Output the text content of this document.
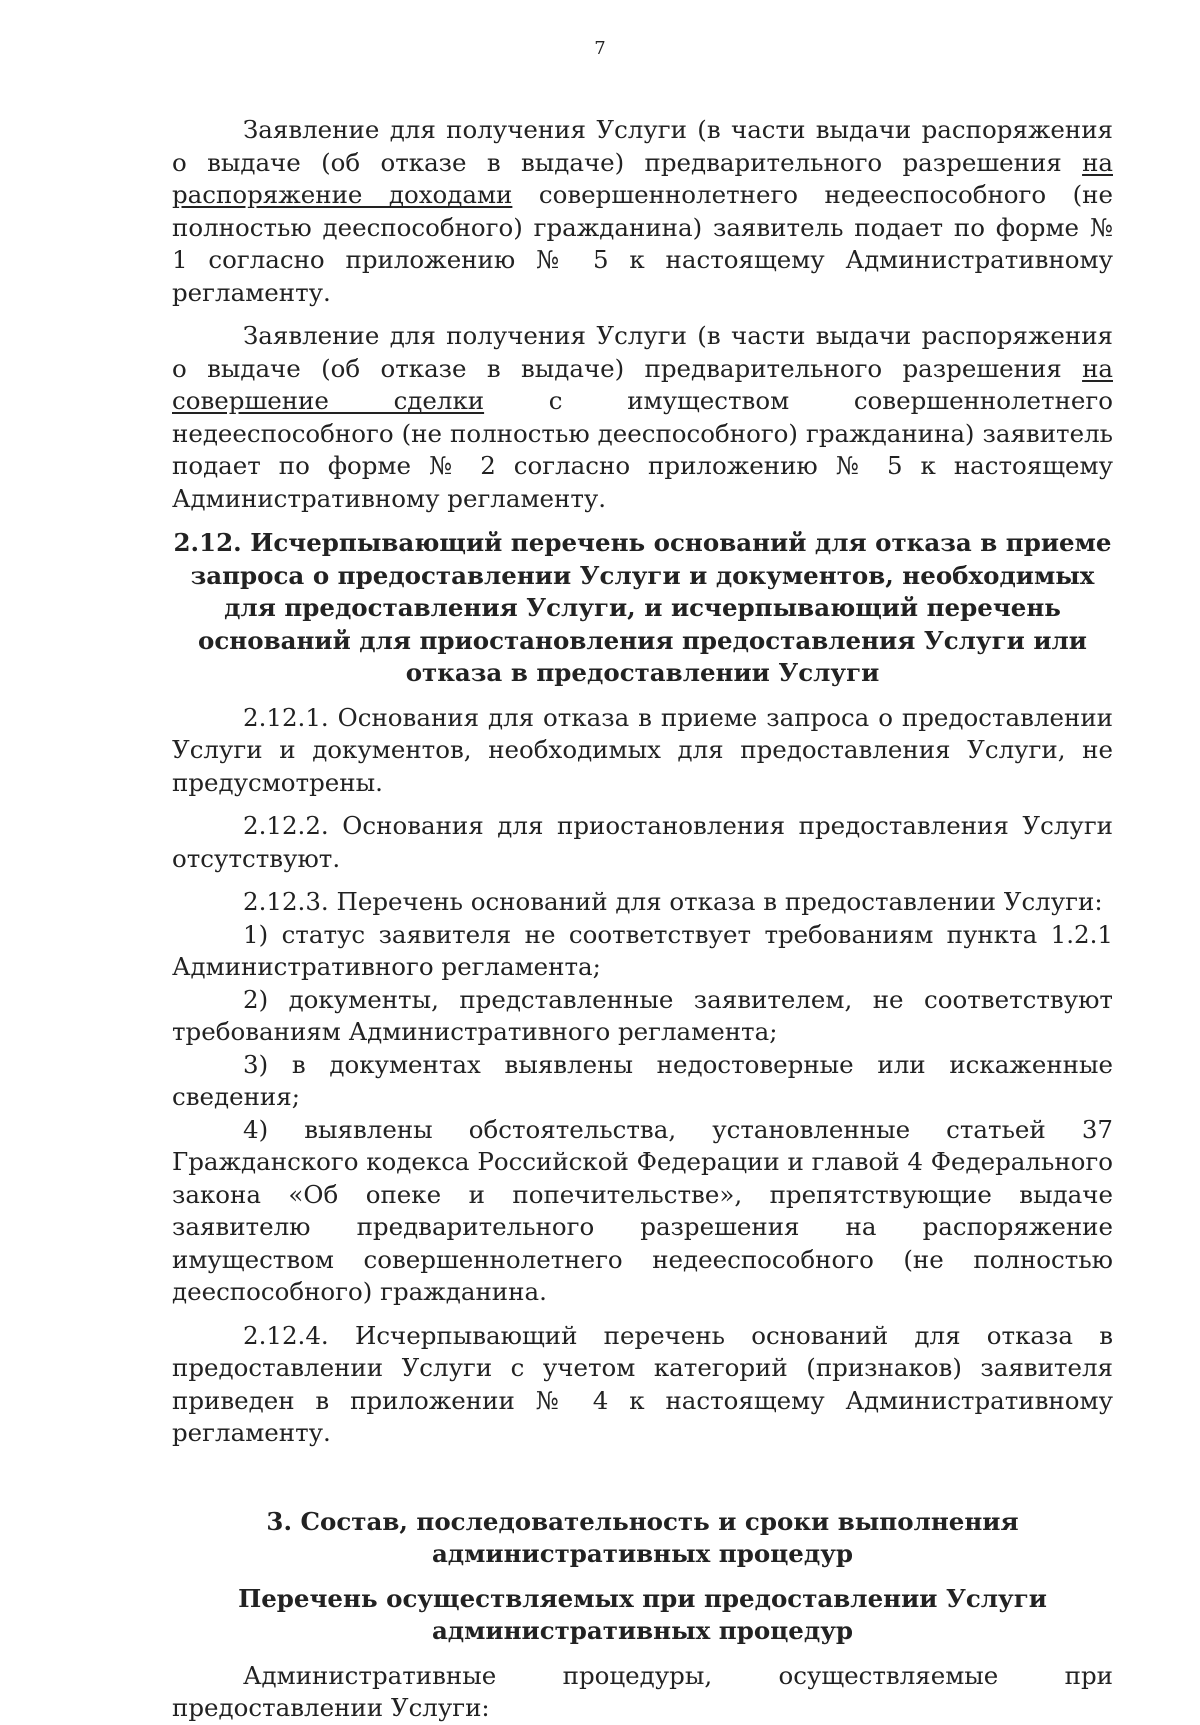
7

Заявление для получения Услуги (в части выдачи распоряжения о выдаче (об отказе в выдаче) предварительного разрешения на распоряжение доходами совершеннолетнего недееспособного (не полностью дееспособного) гражданина) заявитель подает по форме № 1 согласно приложению № 5 к настоящему Административному регламенту.

Заявление для получения Услуги (в части выдачи распоряжения о выдаче (об отказе в выдаче) предварительного разрешения на совершение сделки с имуществом совершеннолетнего недееспособного (не полностью дееспособного) гражданина) заявитель подает по форме № 2 согласно приложению № 5 к настоящему Административному регламенту.

2.12. Исчерпывающий перечень оснований для отказа в приеме запроса о предоставлении Услуги и документов, необходимых для предоставления Услуги, и исчерпывающий перечень оснований для приостановления предоставления Услуги или отказа в предоставлении Услуги

2.12.1. Основания для отказа в приеме запроса о предоставлении Услуги и документов, необходимых для предоставления Услуги, не предусмотрены.

2.12.2. Основания для приостановления предоставления Услуги отсутствуют.

2.12.3. Перечень оснований для отказа в предоставлении Услуги:

1) статус заявителя не соответствует требованиям пункта 1.2.1 Административного регламента;

2) документы, представленные заявителем, не соответствуют требованиям Административного регламента;

3) в документах выявлены недостоверные или искаженные сведения;

4) выявлены обстоятельства, установленные статьей 37 Гражданского кодекса Российской Федерации и главой 4 Федерального закона «Об опеке и попечительстве», препятствующие выдаче заявителю предварительного разрешения на распоряжение имуществом совершеннолетнего недееспособного (не полностью дееспособного) гражданина.

2.12.4. Исчерпывающий перечень оснований для отказа в предоставлении Услуги с учетом категорий (признаков) заявителя приведен в приложении № 4 к настоящему Административному регламенту.

3. Состав, последовательность и сроки выполнения административных процедур
Перечень осуществляемых при предоставлении Услуги административных процедур

Административные процедуры, осуществляемые при предоставлении Услуги:
